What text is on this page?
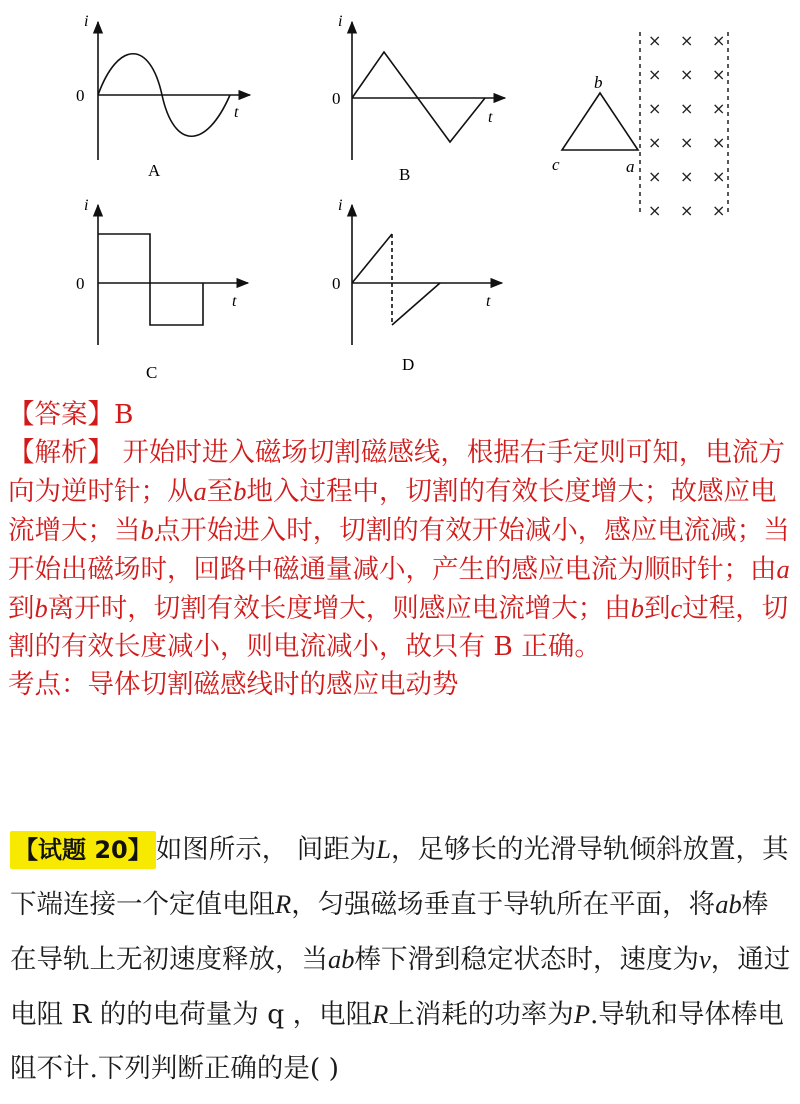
i
0
t
A
i
0
t
B
b
c	a
× × ×
× × ×
× × ×
× × ×
× × ×
× × ×
i
0
t
C
i
0
t
D

【答案】B

【解析】 开始时进入磁场切割磁感线，根据右手定则可知，电流方向为逆时针；从a至b地入过程中，切割的有效长度增大；故感应电流增大；当b点开始进入时，切割的有效开始减小，感应电流减；当开始出磁场时，回路中磁通量减小，产生的感应电流为顺时针；由a到b离开时，切割有效长度增大，则感应电流增大；由b到c过程，切割的有效长度减小，则电流减小，故只有 B 正确。

考点：导体切割磁感线时的感应电动势

【试题 20】 如图所示， 间距为L，足够长的光滑导轨倾斜放置，其下端连接一个定值电阻R，匀强磁场垂直于导轨所在平面，将ab棒在导轨上无初速度释放，当ab棒下滑到稳定状态时，速度为v，通过电阻 R 的的电荷量为 q ，电阻R上消耗的功率为P.导轨和导体棒电阻不计.下列判断正确的是( )
